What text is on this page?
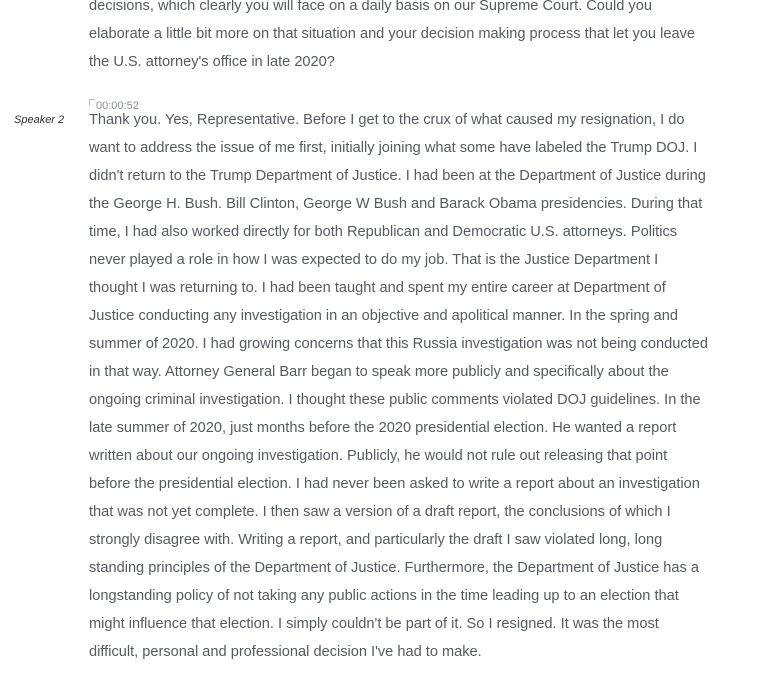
decisions, which clearly you will face on a daily basis on our Supreme Court. Could you
elaborate a little bit more on that situation and your decision making process that let you leave
the U.S. attorney's office in late 2020?
00:00:52
Speaker 2 Thank you. Yes, Representative. Before I get to the crux of what caused my resignation, I do
want to address the issue of me first, initially joining what some have labeled the Trump DOJ. I
didn't return to the Trump Department of Justice. I had been at the Department of Justice during
the George H. Bush. Bill Clinton, George W Bush and Barack Obama presidencies. During that
time, I had also worked directly for both Republican and Democratic U.S. attorneys. Politics
never played a role in how I was expected to do my job. That is the Justice Department I
thought I was returning to. I had been taught and spent my entire career at Department of
Justice conducting any investigation in an objective and apolitical manner. In the spring and
summer of 2020. I had growing concerns that this Russia investigation was not being conducted
in that way. Attorney General Barr began to speak more publicly and specifically about the
ongoing criminal investigation. I thought these public comments violated DOJ guidelines. In the
late summer of 2020, just months before the 2020 presidential election. He wanted a report
written about our ongoing investigation. Publicly, he would not rule out releasing that point
before the presidential election. I had never been asked to write a report about an investigation
that was not yet complete. I then saw a version of a draft report, the conclusions of which I
strongly disagree with. Writing a report, and particularly the draft I saw violated long, long
standing principles of the Department of Justice. Furthermore, the Department of Justice has a
longstanding policy of not taking any public actions in the time leading up to an election that
might influence that election. I simply couldn't be part of it. So I resigned. It was the most
difficult, personal and professional decision I've had to make.
